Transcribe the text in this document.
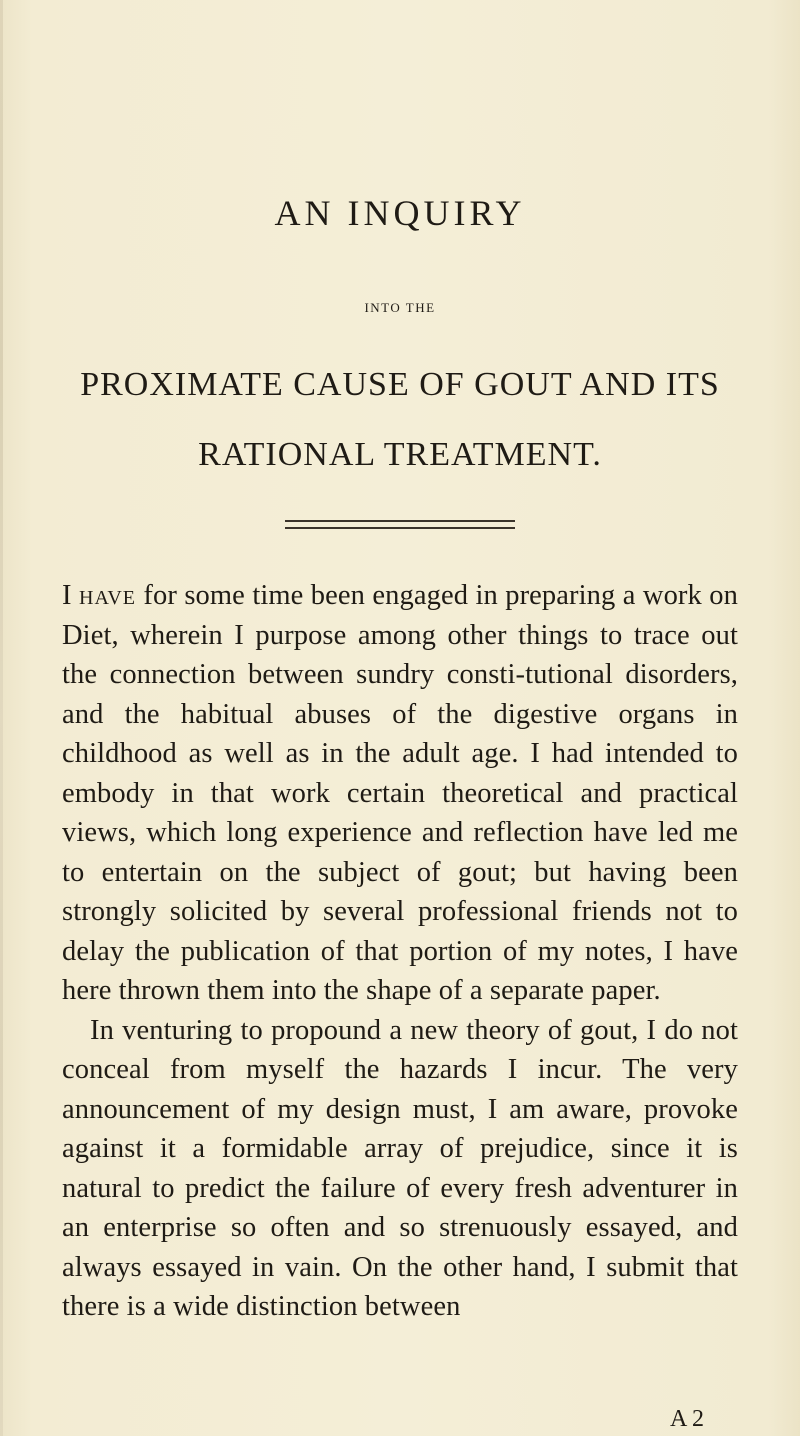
AN INQUIRY
INTO THE
PROXIMATE CAUSE OF GOUT AND ITS
RATIONAL TREATMENT.

I have for some time been engaged in preparing a work on Diet, wherein I purpose among other things to trace out the connection between sundry consti-tutional disorders, and the habitual abuses of the digestive organs in childhood as well as in the adult age. I had intended to embody in that work certain theoretical and practical views, which long experience and reflection have led me to entertain on the subject of gout; but having been strongly solicited by several professional friends not to delay the publication of that portion of my notes, I have here thrown them into the shape of a separate paper.

In venturing to propound a new theory of gout, I do not conceal from myself the hazards I incur. The very announcement of my design must, I am aware, provoke against it a formidable array of prejudice, since it is natural to predict the failure of every fresh adventurer in an enterprise so often and so strenuously essayed, and always essayed in vain. On the other hand, I submit that there is a wide distinction between

A 2
